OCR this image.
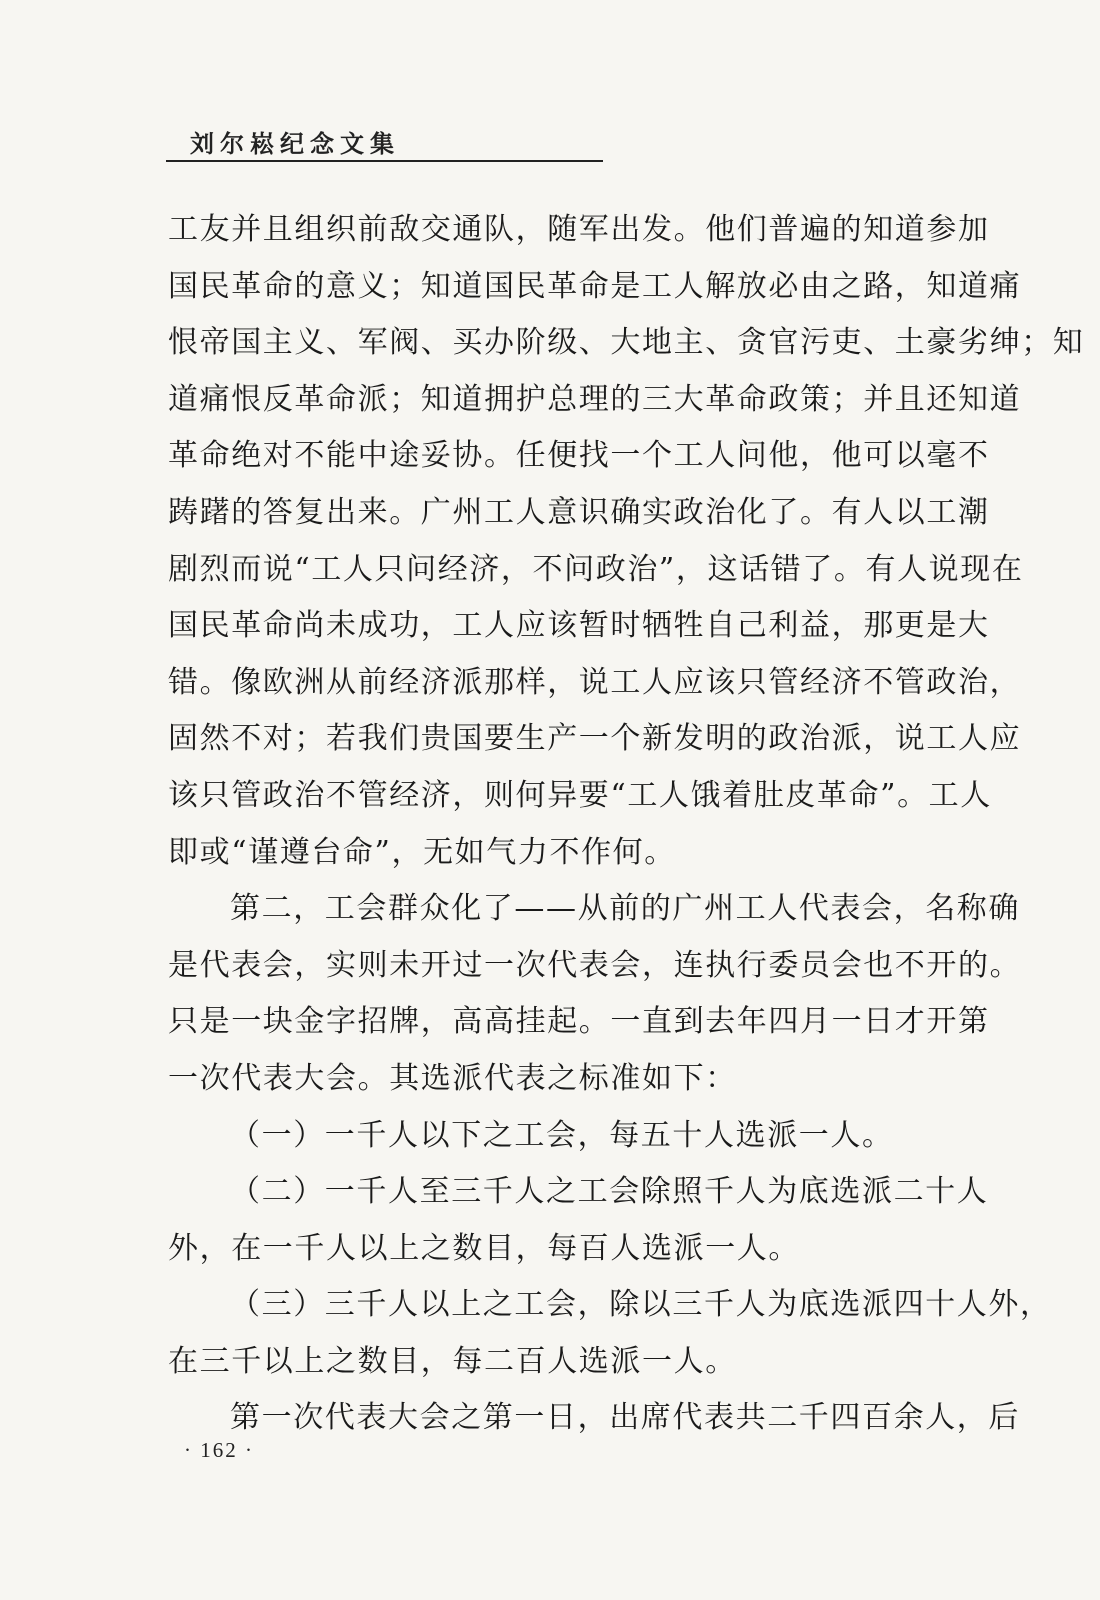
刘尔崧纪念文集
工友并且组织前敌交通队，随军出发。他们普遍的知道参加
国民革命的意义；知道国民革命是工人解放必由之路，知道痛
恨帝国主义、军阀、买办阶级、大地主、贪官污吏、土豪劣绅；知
道痛恨反革命派；知道拥护总理的三大革命政策；并且还知道
革命绝对不能中途妥协。任便找一个工人问他，他可以毫不
踌躇的答复出来。广州工人意识确实政治化了。有人以工潮
剧烈而说“工人只问经济，不问政治”，这话错了。有人说现在
国民革命尚未成功，工人应该暂时牺牲自己利益，那更是大
错。像欧洲从前经济派那样，说工人应该只管经济不管政治，
固然不对；若我们贵国要生产一个新发明的政治派，说工人应
该只管政治不管经济，则何异要“工人饿着肚皮革命”。工人
即或“谨遵台命”，无如气力不作何。
第二，工会群众化了——从前的广州工人代表会，名称确
是代表会，实则未开过一次代表会，连执行委员会也不开的。
只是一块金字招牌，高高挂起。一直到去年四月一日才开第
一次代表大会。其选派代表之标准如下：
（一）一千人以下之工会，每五十人选派一人。
（二）一千人至三千人之工会除照千人为底选派二十人
外，在一千人以上之数目，每百人选派一人。
（三）三千人以上之工会，除以三千人为底选派四十人外，
在三千以上之数目，每二百人选派一人。
第一次代表大会之第一日，出席代表共二千四百余人，后
· 162 ·
